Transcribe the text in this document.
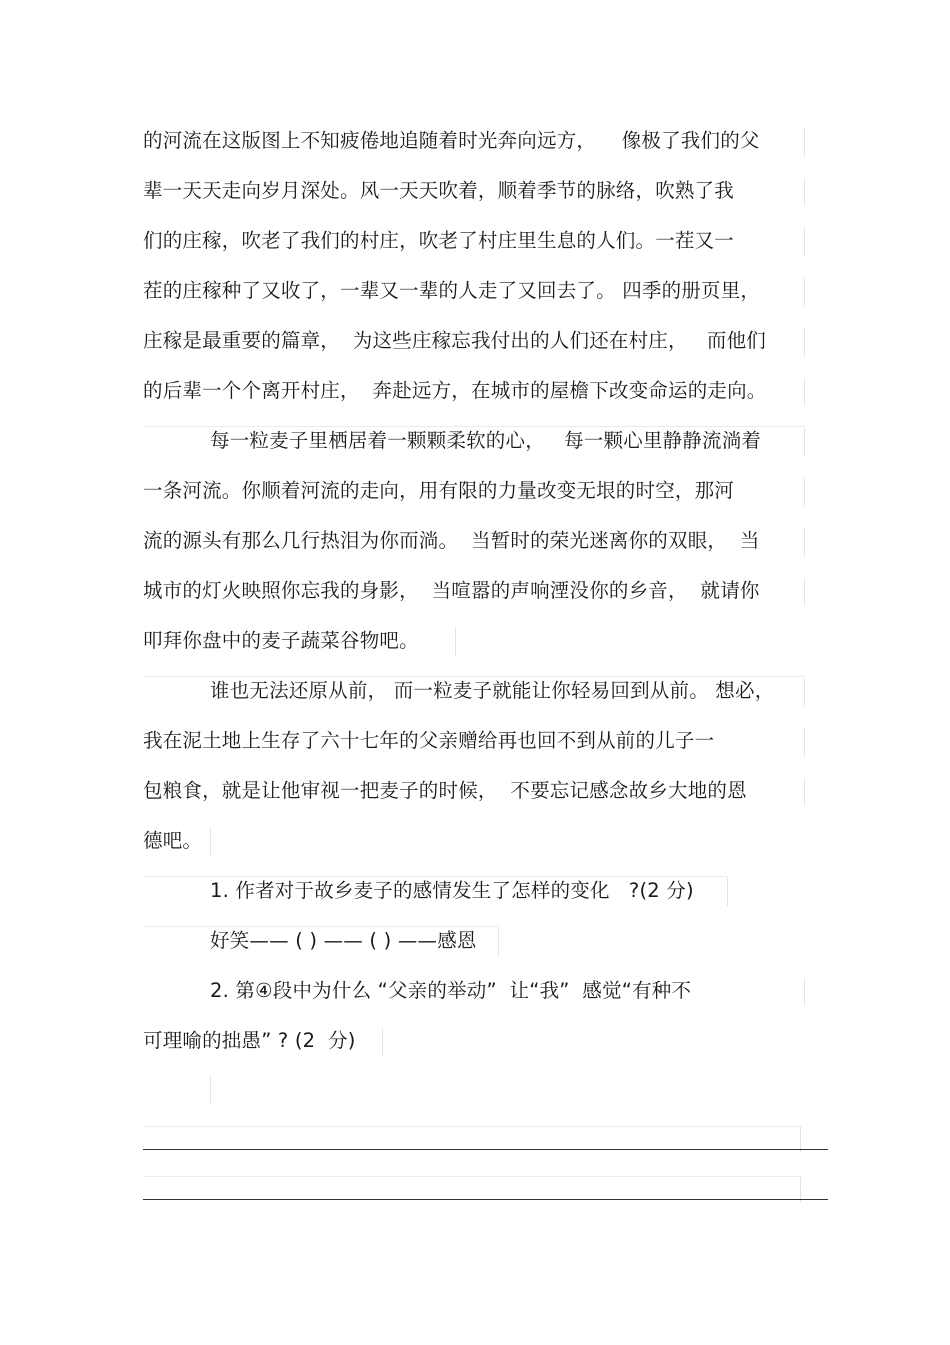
的河流在这版图上不知疲倦地追随着时光奔向远方，    像极了我们的父
辈一天天走向岁月深处。风一天天吹着，顺着季节的脉络，吹熟了我
们的庄稼，吹老了我们的村庄，吹老了村庄里生息的人们。一茬又一
茬的庄稼种了又收了，一辈又一辈的人走了又回去了。 四季的册页里，
庄稼是最重要的篇章，  为这些庄稼忘我付出的人们还在村庄，   而他们
的后辈一个个离开村庄，  奔赴远方，在城市的屋檐下改变命运的走向。
每一粒麦子里栖居着一颗颗柔软的心，   每一颗心里静静流淌着
一条河流。你顺着河流的走向，用有限的力量改变无垠的时空，那河
流的源头有那么几行热泪为你而淌。  当暂时的荣光迷离你的双眼，  当
城市的灯火映照你忘我的身影，  当喧嚣的声响湮没你的乡音，  就请你
叩拜你盘中的麦子蔬菜谷物吧。
谁也无法还原从前， 而一粒麦子就能让你轻易回到从前。 想必，
我在泥土地上生存了六十七年的父亲赠给再也回不到从前的儿子一
包粮食，就是让他审视一把麦子的时候，  不要忘记感念故乡大地的恩
德吧。
1. 作者对于故乡麦子的感情发生了怎样的变化   ?(2 分)
好笑—— ( ) —— ( ) ——感恩
2. 第④段中为什么 “父亲的举动”  让“我”  感觉“有种不
可理喻的拙愚” ? (2  分)
